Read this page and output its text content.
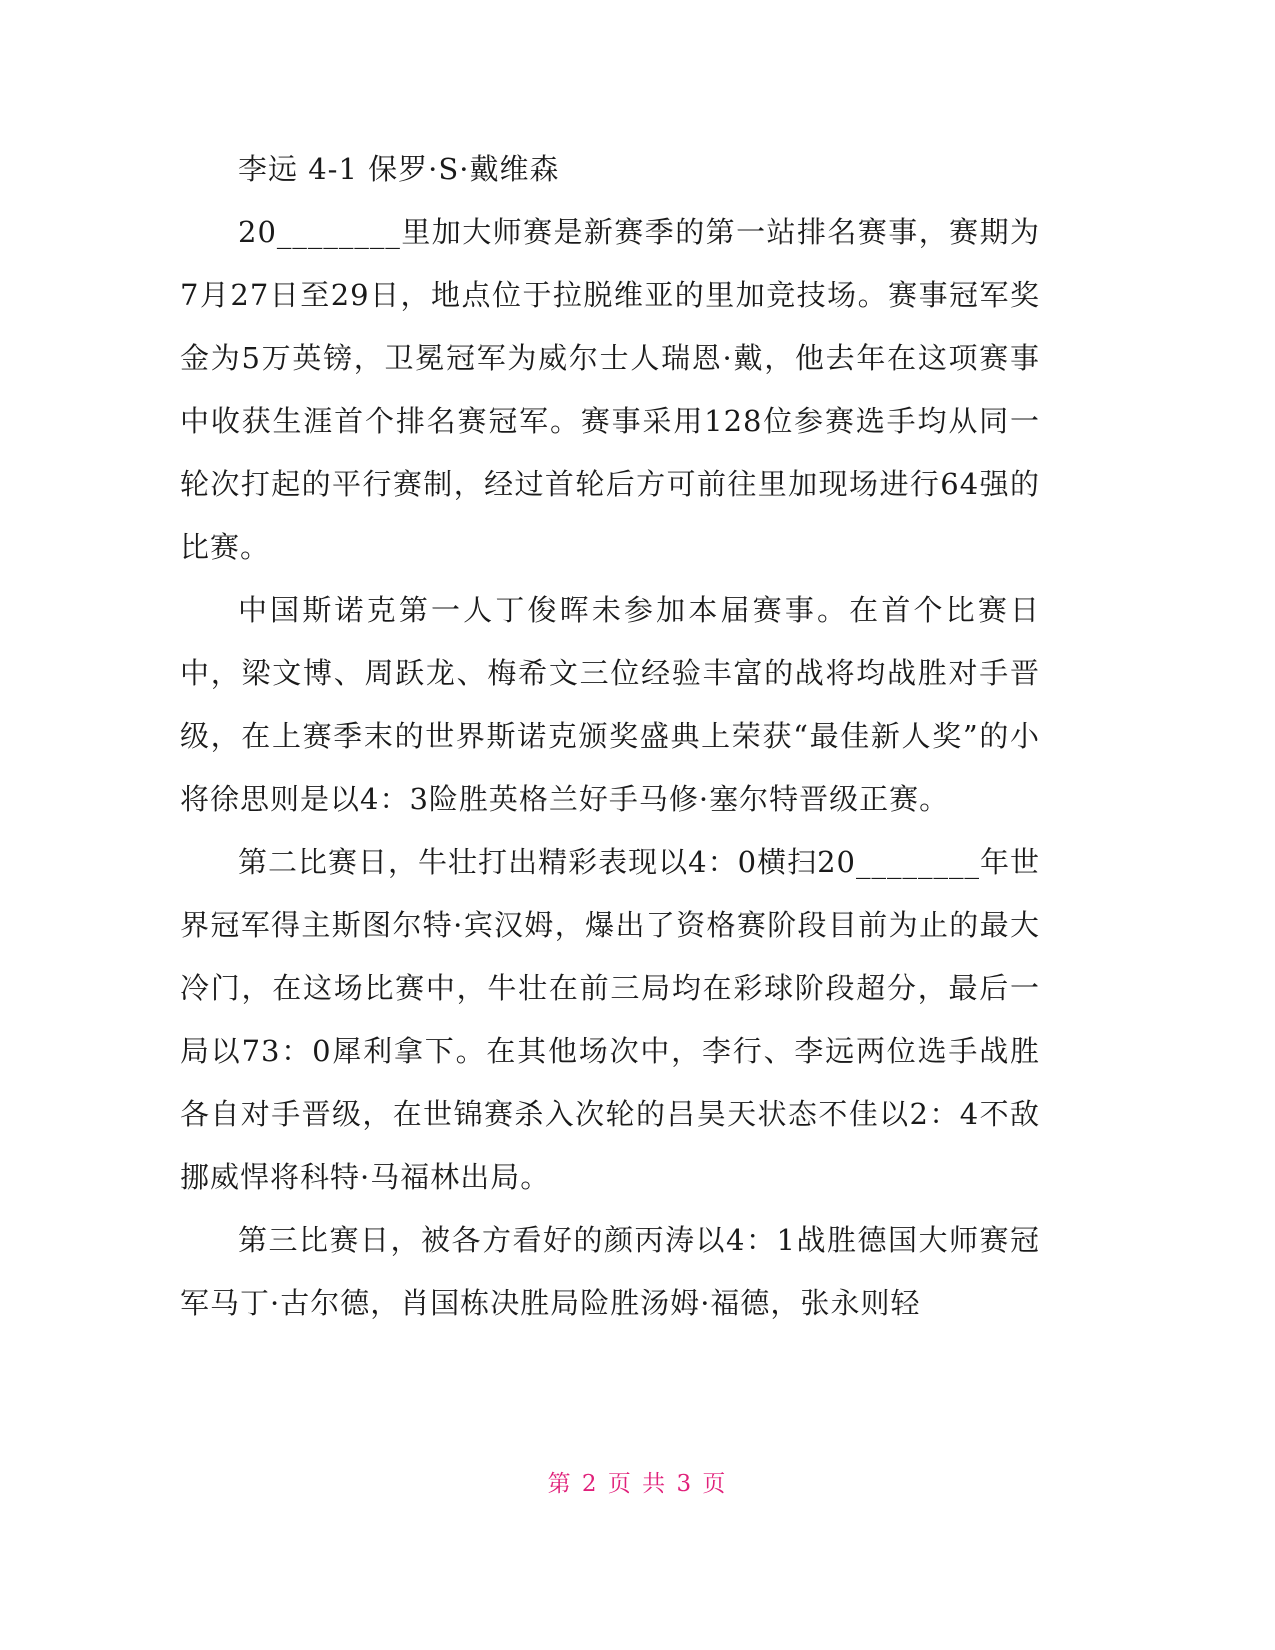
李远 4-1 保罗·S·戴维森

20________里加大师赛是新赛季的第一站排名赛事，赛期为7月27日至29日，地点位于拉脱维亚的里加竞技场。赛事冠军奖金为5万英镑，卫冕冠军为威尔士人瑞恩·戴，他去年在这项赛事中收获生涯首个排名赛冠军。赛事采用128位参赛选手均从同一轮次打起的平行赛制，经过首轮后方可前往里加现场进行64强的比赛。

中国斯诺克第一人丁俊晖未参加本届赛事。在首个比赛日中，梁文博、周跃龙、梅希文三位经验丰富的战将均战胜对手晋级，在上赛季末的世界斯诺克颁奖盛典上荣获“最佳新人奖”的小将徐思则是以4：3险胜英格兰好手马修·塞尔特晋级正赛。

第二比赛日，牛壮打出精彩表现以4：0横扫20________年世界冠军得主斯图尔特·宾汉姆，爆出了资格赛阶段目前为止的最大冷门，在这场比赛中，牛壮在前三局均在彩球阶段超分，最后一局以73：0犀利拿下。在其他场次中，李行、李远两位选手战胜各自对手晋级，在世锦赛杀入次轮的吕昊天状态不佳以2：4不敌挪威悍将科特·马福林出局。

第三比赛日，被各方看好的颜丙涛以4：1战胜德国大师赛冠军马丁·古尔德，肖国栋决胜局险胜汤姆·福德，张永则轻

第 2 页 共 3 页
